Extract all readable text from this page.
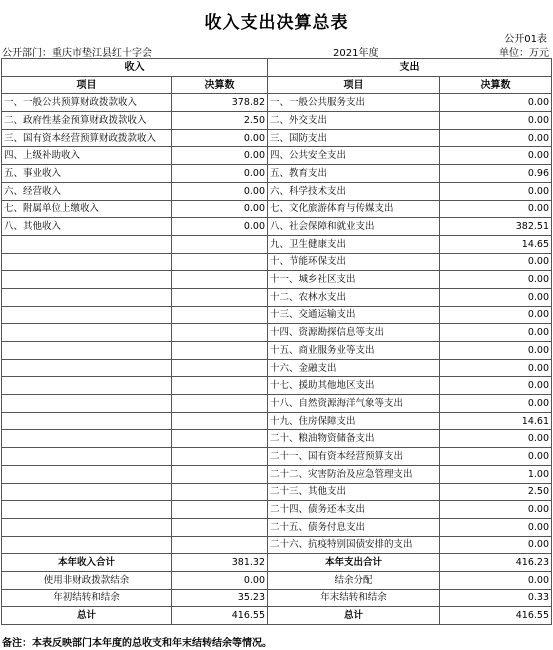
收入支出决算总表
公开01表
公开部门：重庆市垫江县红十字会	2021年度	单位：万元
收入		支出	
项目	决算数	项目	决算数
一、一般公共预算财政拨款收入	378.82	一、一般公共服务支出	0.00
二、政府性基金预算财政拨款收入	2.50	二、外交支出	0.00
三、国有资本经营预算财政拨款收入	0.00	三、国防支出	0.00
四、上级补助收入	0.00	四、公共安全支出	0.00
五、事业收入	0.00	五、教育支出	0.96
六、经营收入	0.00	六、科学技术支出	0.00
七、附属单位上缴收入	0.00	七、文化旅游体育与传媒支出	0.00
八、其他收入	0.00	八、社会保障和就业支出	382.51
		九、卫生健康支出	14.65
		十、节能环保支出	0.00
		十一、城乡社区支出	0.00
		十二、农林水支出	0.00
		十三、交通运输支出	0.00
		十四、资源勘探信息等支出	0.00
		十五、商业服务业等支出	0.00
		十六、金融支出	0.00
		十七、援助其他地区支出	0.00
		十八、自然资源海洋气象等支出	0.00
		十九、住房保障支出	14.61
		二十、粮油物资储备支出	0.00
		二十一、国有资本经营预算支出	0.00
		二十二、灾害防治及应急管理支出	1.00
		二十三、其他支出	2.50
		二十四、债务还本支出	0.00
		二十五、债务付息支出	0.00
		二十六、抗疫特别国债安排的支出	0.00
本年收入合计	381.32	本年支出合计	416.23
使用非财政拨款结余	0.00	结余分配	0.00
年初结转和结余	35.23	年末结转和结余	0.33
总计	416.55	总计	416.55
备注：本表反映部门本年度的总收支和年末结转结余等情况。
